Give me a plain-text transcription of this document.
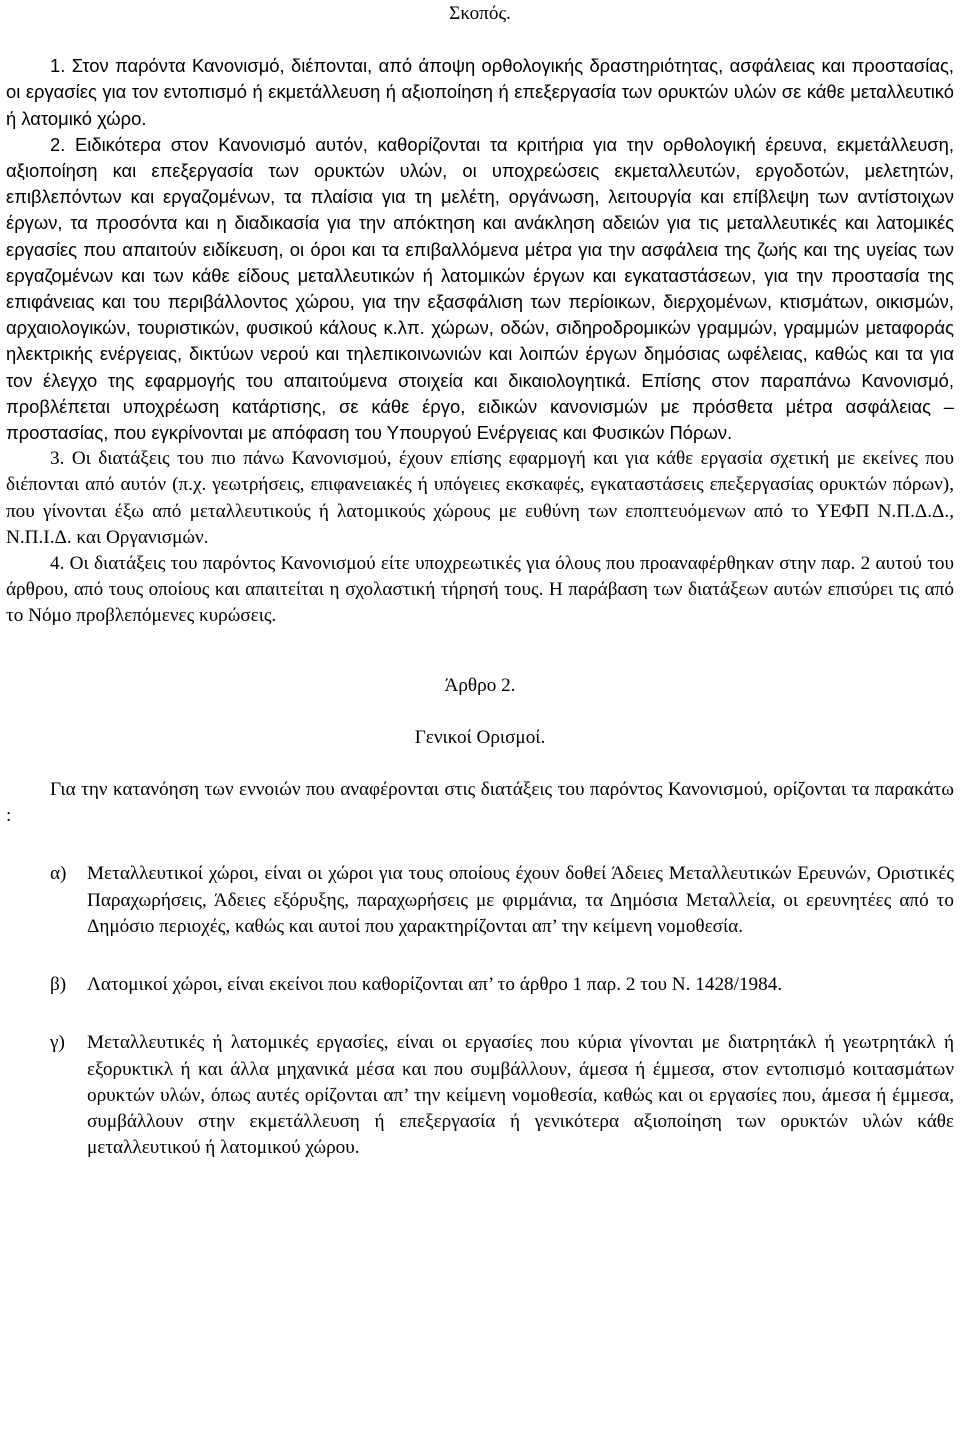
Σκοπός.

1. Στον παρόντα Κανονισμό, διέπονται, από άποψη ορθολογικής δραστηριότητας, ασφάλειας και προστασίας, οι εργασίες για τον εντοπισμό ή εκμετάλλευση ή αξιοποίηση ή επεξεργασία των ορυκτών υλών σε κάθε μεταλλευτικό ή λατομικό χώρο.

2. Ειδικότερα στον Κανονισμό αυτόν, καθορίζονται τα κριτήρια για την ορθολογική έρευνα, εκμετάλλευση, αξιοποίηση και επεξεργασία των ορυκτών υλών, οι υποχρεώσεις εκμεταλλευτών, εργοδοτών, μελετητών, επιβλεπόντων και εργαζομένων, τα πλαίσια για τη μελέτη, οργάνωση, λειτουργία και επίβλεψη των αντίστοιχων έργων, τα προσόντα και η διαδικασία για την απόκτηση και ανάκληση αδειών για τις μεταλλευτικές και λατομικές εργασίες που απαιτούν ειδίκευση, οι όροι και τα επιβαλλόμενα μέτρα για την ασφάλεια της ζωής και της υγείας των εργαζομένων και των κάθε είδους μεταλλευτικών ή λατομικών έργων και εγκαταστάσεων, για την προστασία της επιφάνειας και του περιβάλλοντος χώρου, για την εξασφάλιση των περίοικων, διερχομένων, κτισμάτων, οικισμών, αρχαιολογικών, τουριστικών, φυσικού κάλους κ.λπ. χώρων, οδών, σιδηροδρομικών γραμμών, γραμμών μεταφοράς ηλεκτρικής ενέργειας, δικτύων νερού και τηλεπικοινωνιών και λοιπών έργων δημόσιας ωφέλειας, καθώς και τα για τον έλεγχο της εφαρμογής του απαιτούμενα στοιχεία και δικαιολογητικά. Επίσης στον παραπάνω Κανονισμό, προβλέπεται υποχρέωση κατάρτισης, σε κάθε έργο, ειδικών κανονισμών με πρόσθετα μέτρα ασφάλειας – προστασίας, που εγκρίνονται με απόφαση του Υπουργού Ενέργειας και Φυσικών Πόρων.

3. Οι διατάξεις του πιο πάνω Κανονισμού, έχουν επίσης εφαρμογή και για κάθε εργασία σχετική με εκείνες που διέπονται από αυτόν (π.χ. γεωτρήσεις, επιφανειακές ή υπόγειες εκσκαφές, εγκαταστάσεις επεξεργασίας ορυκτών πόρων), που γίνονται έξω από μεταλλευτικούς ή λατομικούς χώρους με ευθύνη των εποπτευόμενων από το ΥΕΦΠ Ν.Π.Δ.Δ., Ν.Π.Ι.Δ. και Οργανισμών.

4. Οι διατάξεις του παρόντος Κανονισμού είτε υποχρεωτικές για όλους που προαναφέρθηκαν στην παρ. 2 αυτού του άρθρου, από τους οποίους και απαιτείται η σχολαστική τήρησή τους. Η παράβαση των διατάξεων αυτών επισύρει τις από το Νόμο προβλεπόμενες κυρώσεις.

Άρθρο 2.

Γενικοί Ορισμοί.

Για την κατανόηση των εννοιών που αναφέρονται στις διατάξεις του παρόντος Κανονισμού, ορίζονται τα παρακάτω :

α)	Μεταλλευτικοί χώροι, είναι οι χώροι για τους οποίους έχουν δοθεί Άδειες Μεταλλευτικών Ερευνών, Οριστικές Παραχωρήσεις, Άδειες εξόρυξης, παραχωρήσεις με φιρμάνια, τα Δημόσια Μεταλλεία, οι ερευνητέες από το Δημόσιο περιοχές, καθώς και αυτοί που χαρακτηρίζονται απ’ την κείμενη νομοθεσία.
β)	Λατομικοί χώροι, είναι εκείνοι που καθορίζονται απ’ το άρθρο 1 παρ. 2 του Ν. 1428/1984.
γ)	Μεταλλευτικές ή λατομικές εργασίες, είναι οι εργασίες που κύρια γίνονται με διατρητάκλ ή γεωτρητάκλ ή εξορυκτικλ ή και άλλα μηχανικά μέσα και που συμβάλλουν, άμεσα ή έμμεσα, στον εντοπισμό κοιτασμάτων ορυκτών υλών, όπως αυτές ορίζονται απ’ την κείμενη νομοθεσία, καθώς και οι εργασίες που, άμεσα ή έμμεσα, συμβάλλουν στην εκμετάλλευση ή επεξεργασία ή γενικότερα αξιοποίηση των ορυκτών υλών κάθε μεταλλευτικού ή λατομικού χώρου.
